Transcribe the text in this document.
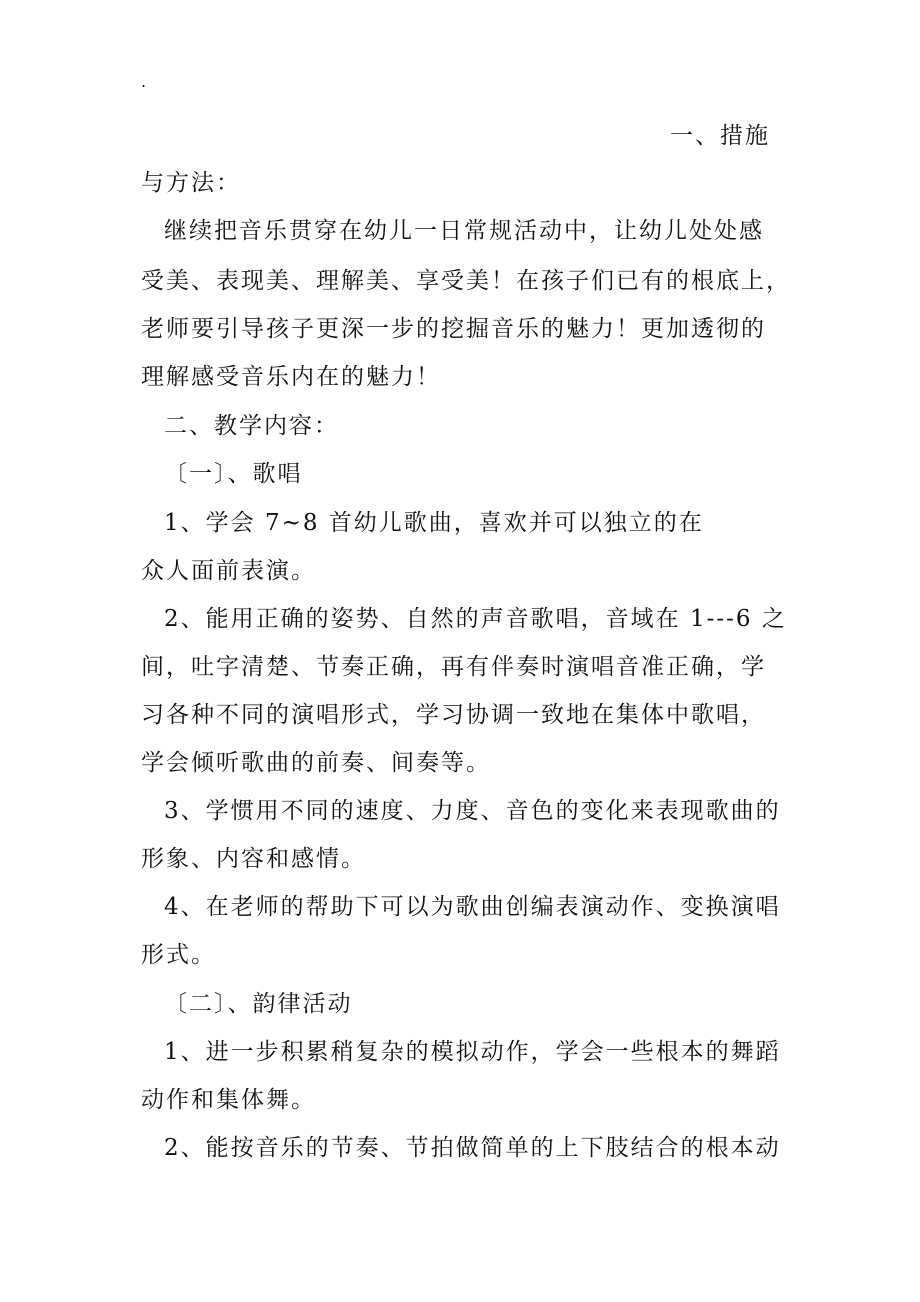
.
一、措施
与方法：
继续把音乐贯穿在幼儿一日常规活动中，让幼儿处处感
受美、表现美、理解美、享受美！在孩子们已有的根底上，
老师要引导孩子更深一步的挖掘音乐的魅力！更加透彻的
理解感受音乐内在的魅力！
二、教学内容：
〔一〕、歌唱
1、学会 7~8 首幼儿歌曲，喜欢并可以独立的在
众人面前表演。
2、能用正确的姿势、自然的声音歌唱，音域在 1---6 之
间，吐字清楚、节奏正确，再有伴奏时演唱音准正确，学
习各种不同的演唱形式，学习协调一致地在集体中歌唱，
学会倾听歌曲的前奏、间奏等。
3、学惯用不同的速度、力度、音色的变化来表现歌曲的
形象、内容和感情。
4、在老师的帮助下可以为歌曲创编表演动作、变换演唱
形式。
〔二〕、韵律活动
1、进一步积累稍复杂的模拟动作，学会一些根本的舞蹈
动作和集体舞。
2、能按音乐的节奏、节拍做简单的上下肢结合的根本动
